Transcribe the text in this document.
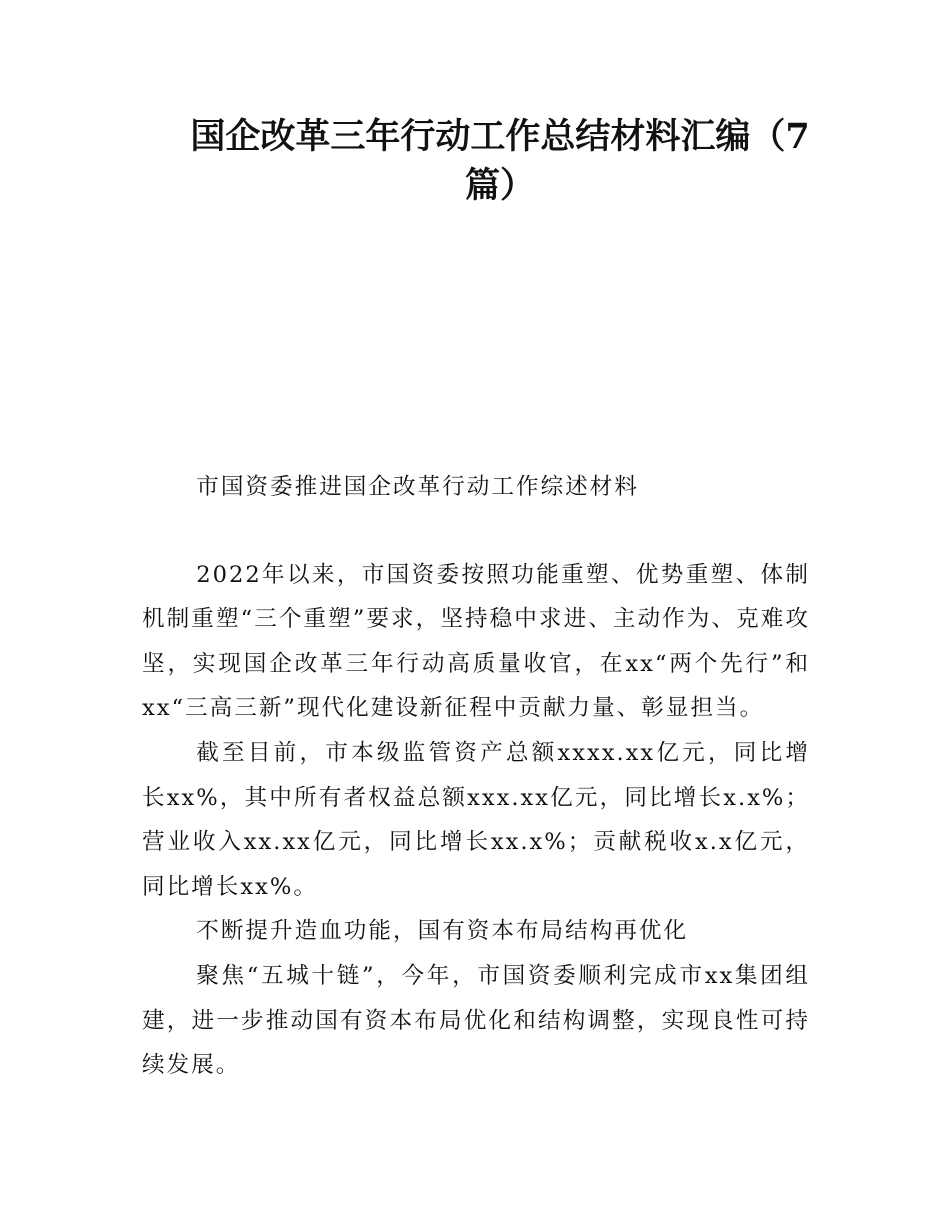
国企改革三年行动工作总结材料汇编（7篇）

市国资委推进国企改革行动工作综述材料

2022年以来，市国资委按照功能重塑、优势重塑、体制机制重塑“三个重塑”要求，坚持稳中求进、主动作为、克难攻坚，实现国企改革三年行动高质量收官，在xx“两个先行”和xx“三高三新”现代化建设新征程中贡献力量、彰显担当。

截至目前，市本级监管资产总额xxxx.xx亿元，同比增长xx%，其中所有者权益总额xxx.xx亿元，同比增长x.x%；营业收入xx.xx亿元，同比增长xx.x%；贡献税收x.x亿元，同比增长xx%。

不断提升造血功能，国有资本布局结构再优化

聚焦“五城十链”，今年，市国资委顺利完成市xx集团组建，进一步推动国有资本布局优化和结构调整，实现良性可持续发展。
